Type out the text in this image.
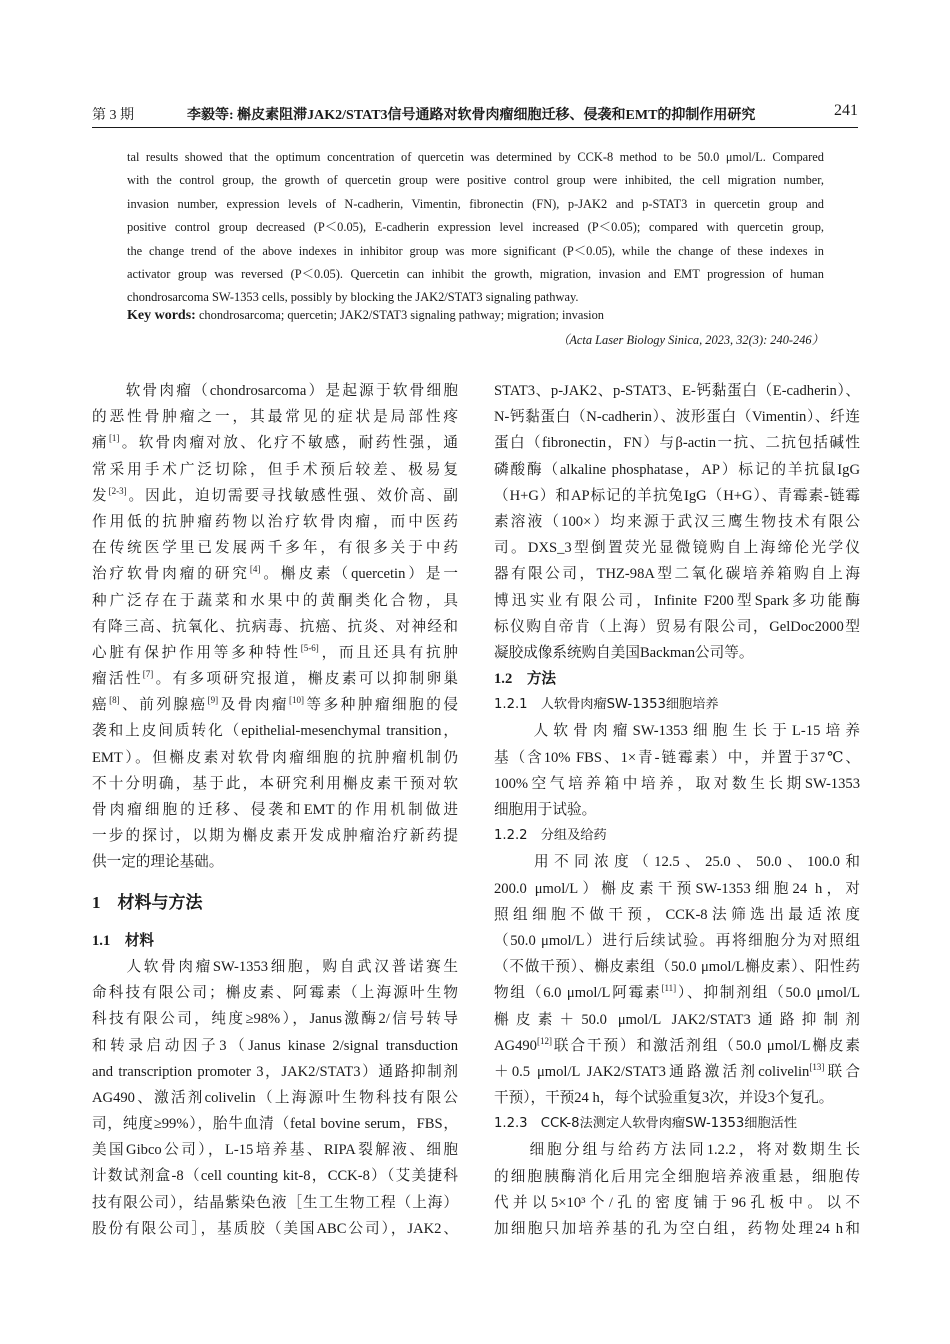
第 3 期	李毅等: 槲皮素阻滞JAK2/STAT3信号通路对软骨肉瘤细胞迁移、侵袭和EMT的抑制作用研究	241

tal results showed that the optimum concentration of quercetin was determined by CCK-8 method to be 50.0 μmol/L. Compared

with the control group, the growth of quercetin group were positive control group were inhibited, the cell migration number,

invasion number, expression levels of N-cadherin, Vimentin, fibronectin (FN), p-JAK2 and p-STAT3 in quercetin group and

positive control group decreased (P＜0.05), E-cadherin expression level increased (P＜0.05); compared with quercetin group,

the change trend of the above indexes in inhibitor group was more significant (P＜0.05), while the change of these indexes in

activator group was reversed (P＜0.05). Quercetin can inhibit the growth, migration, invasion and EMT progression of human

chondrosarcoma SW-1353 cells, possibly by blocking the JAK2/STAT3 signaling pathway.

Key words: chondrosarcoma; quercetin; JAK2/STAT3 signaling pathway; migration; invasion
（Acta Laser Biology Sinica, 2023, 32(3): 240-246）
　　软骨肉瘤（chondrosarcoma）是起源于软骨细胞
的恶性骨肿瘤之一，其最常见的症状是局部性疼
痛[1]。软骨肉瘤对放、化疗不敏感，耐药性强，通
常采用手术广泛切除，但手术预后较差、极易复
发[2-3]。因此，迫切需要寻找敏感性强、效价高、副
作用低的抗肿瘤药物以治疗软骨肉瘤，而中医药
在传统医学里已发展两千多年，有很多关于中药
治疗软骨肉瘤的研究[4]。槲皮素（quercetin）是一
种广泛存在于蔬菜和水果中的黄酮类化合物，具
有降三高、抗氧化、抗病毒、抗癌、抗炎、对神经和
心脏有保护作用等多种特性[5-6]，而且还具有抗肿
瘤活性[7]。有多项研究报道，槲皮素可以抑制卵巢
癌[8]、前列腺癌[9]及骨肉瘤[10]等多种肿瘤细胞的侵
袭和上皮间质转化（epithelial-mesenchymal transition，
EMT）。但槲皮素对软骨肉瘤细胞的抗肿瘤机制仍
不十分明确，基于此，本研究利用槲皮素干预对软
骨肉瘤细胞的迁移、侵袭和EMT的作用机制做进
一步的探讨，以期为槲皮素开发成肿瘤治疗新药提
供一定的理论基础。
1　材料与方法
1.1　材料
　　人软骨肉瘤SW-1353细胞，购自武汉普诺赛生
命科技有限公司；槲皮素、阿霉素（上海源叶生物
科技有限公司，纯度≥98%），Janus激酶2/信号转导
和转录启动因子3（Janus kinase 2/signal transduction
and transcription promoter 3，JAK2/STAT3）通路抑制剂
AG490、激活剂colivelin（上海源叶生物科技有限公
司，纯度≥99%），胎牛血清（fetal bovine serum，FBS，
美国Gibco公司），L-15培养基、RIPA裂解液、细胞
计数试剂盒-8（cell counting kit-8，CCK-8）（艾美捷科
技有限公司），结晶紫染色液［生工生物工程（上海）
股份有限公司］，基质胶（美国ABC公司），JAK2、
STAT3、p-JAK2、p-STAT3、E-钙黏蛋白（E-cadherin）、
N-钙黏蛋白（N-cadherin）、波形蛋白（Vimentin）、纤连
蛋白（fibronectin，FN）与β-actin一抗、二抗包括碱性
磷酸酶（alkaline phosphatase，AP）标记的羊抗鼠IgG
（H+G）和AP标记的羊抗兔IgG（H+G）、青霉素-链霉
素溶液（100×）均来源于武汉三鹰生物技术有限公
司。DXS_3型倒置荧光显微镜购自上海缔伦光学仪
器有限公司，THZ-98A型二氧化碳培养箱购自上海
博迅实业有限公司，Infinite F200型Spark多功能酶
标仪购自帝肯（上海）贸易有限公司，GelDoc2000型
凝胶成像系统购自美国Backman公司等。
1.2　方法
1.2.1　人软骨肉瘤SW-1353细胞培养
　　人软骨肉瘤SW-1353细胞生长于L-15培养
基（含10% FBS、1×青-链霉素）中，并置于37℃、
100%空气培养箱中培养，取对数生长期SW-1353
细胞用于试验。
1.2.2　分组及给药
　　用不同浓度（12.5、25.0、50.0、100.0和
200.0 μmol/L）槲皮素干预SW-1353细胞24 h，对
照组细胞不做干预，CCK-8法筛选出最适浓度
（50.0 μmol/L）进行后续试验。再将细胞分为对照组
（不做干预）、槲皮素组（50.0 μmol/L槲皮素）、阳性药
物组（6.0 μmol/L阿霉素[11]）、抑制剂组（50.0 μmol/L
槲皮素＋50.0 μmol/L JAK2/STAT3通路抑制剂
AG490[12]联合干预）和激活剂组（50.0 μmol/L槲皮素
＋0.5 μmol/L JAK2/STAT3通路激活剂colivelin[13]联合
干预），干预24 h，每个试验重复3次，并设3个复孔。
1.2.3　CCK-8法测定人软骨肉瘤SW-1353细胞活性
　　细胞分组与给药方法同1.2.2，将对数期生长
的细胞胰酶消化后用完全细胞培养液重悬，细胞传
代并以5×10³个/孔的密度铺于96孔板中。以不
加细胞只加培养基的孔为空白组，药物处理24 h和
